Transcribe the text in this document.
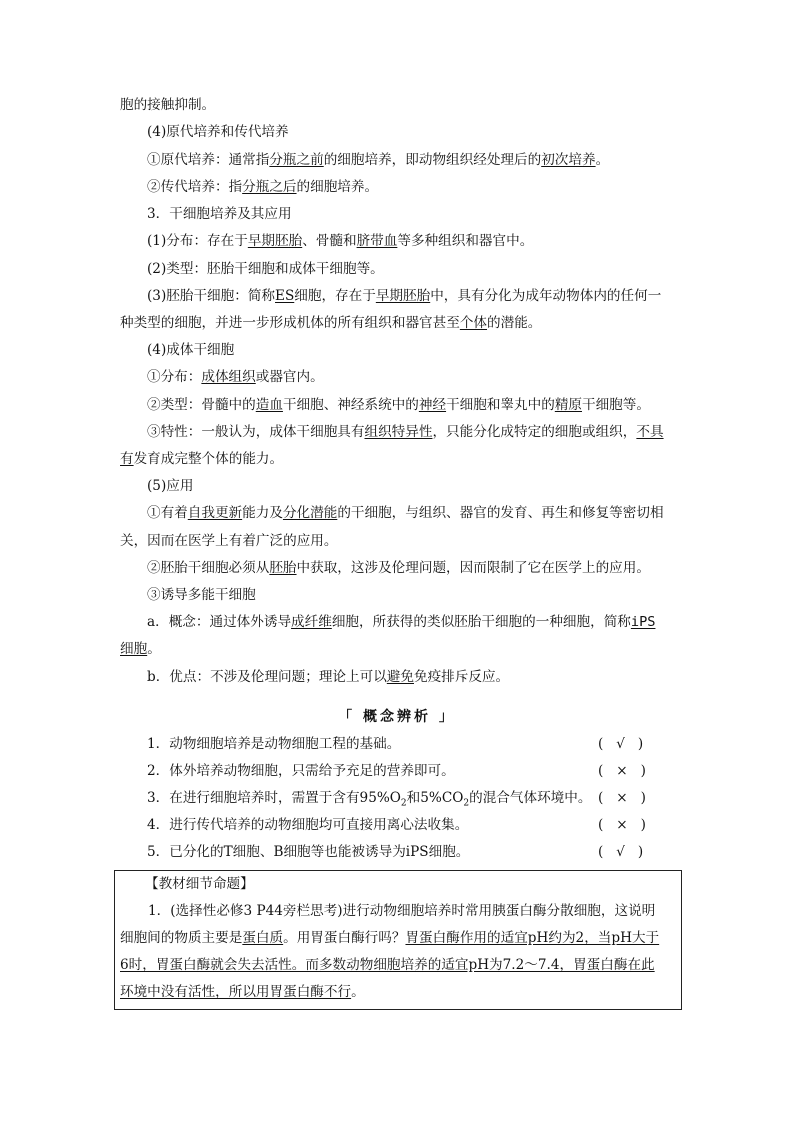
胞的接触抑制。
(4)原代培养和传代培养
①原代培养：通常指分瓶之前的细胞培养，即动物组织经处理后的初次培养。
②传代培养：指分瓶之后的细胞培养。
3．干细胞培养及其应用
(1)分布：存在于早期胚胎、骨髓和脐带血等多种组织和器官中。
(2)类型：胚胎干细胞和成体干细胞等。
(3)胚胎干细胞：简称ES细胞，存在于早期胚胎中，具有分化为成年动物体内的任何一
种类型的细胞，并进一步形成机体的所有组织和器官甚至个体的潜能。
(4)成体干细胞
①分布：成体组织或器官内。
②类型：骨髓中的造血干细胞、神经系统中的神经干细胞和睾丸中的精原干细胞等。
③特性：一般认为，成体干细胞具有组织特异性，只能分化成特定的细胞或组织，不具
有发育成完整个体的能力。
(5)应用
①有着自我更新能力及分化潜能的干细胞，与组织、器官的发育、再生和修复等密切相
关，因而在医学上有着广泛的应用。
②胚胎干细胞必须从胚胎中获取，这涉及伦理问题，因而限制了它在医学上的应用。
③诱导多能干细胞
a．概念：通过体外诱导成纤维细胞，所获得的类似胚胎干细胞的一种细胞，简称iPS
细胞。
b．优点：不涉及伦理问题；理论上可以避免免疫排斥反应。
「 概念辨析 」
1．动物细胞培养是动物细胞工程的基础。	(   √   )
2．体外培养动物细胞，只需给予充足的营养即可。	(   ×   )
3．在进行细胞培养时，需置于含有$95\%O_2$和$5\%CO_2$的混合气体环境中。 (   ×   )
4．进行传代培养的动物细胞均可直接用离心法收集。	(   ×   )
5．已分化的T细胞、B细胞等也能被诱导为iPS细胞。	(   √   )
【教材细节命题】
1．(选择性必修3 P44旁栏思考)进行动物细胞培养时常用胰蛋白酶分散细胞，这说明
细胞间的物质主要是蛋白质。用胃蛋白酶行吗？胃蛋白酶作用的适宜pH约为2，当pH大于
6时，胃蛋白酶就会失去活性。而多数动物细胞培养的适宜pH为7.2～7.4，胃蛋白酶在此
环境中没有活性，所以用胃蛋白酶不行。
